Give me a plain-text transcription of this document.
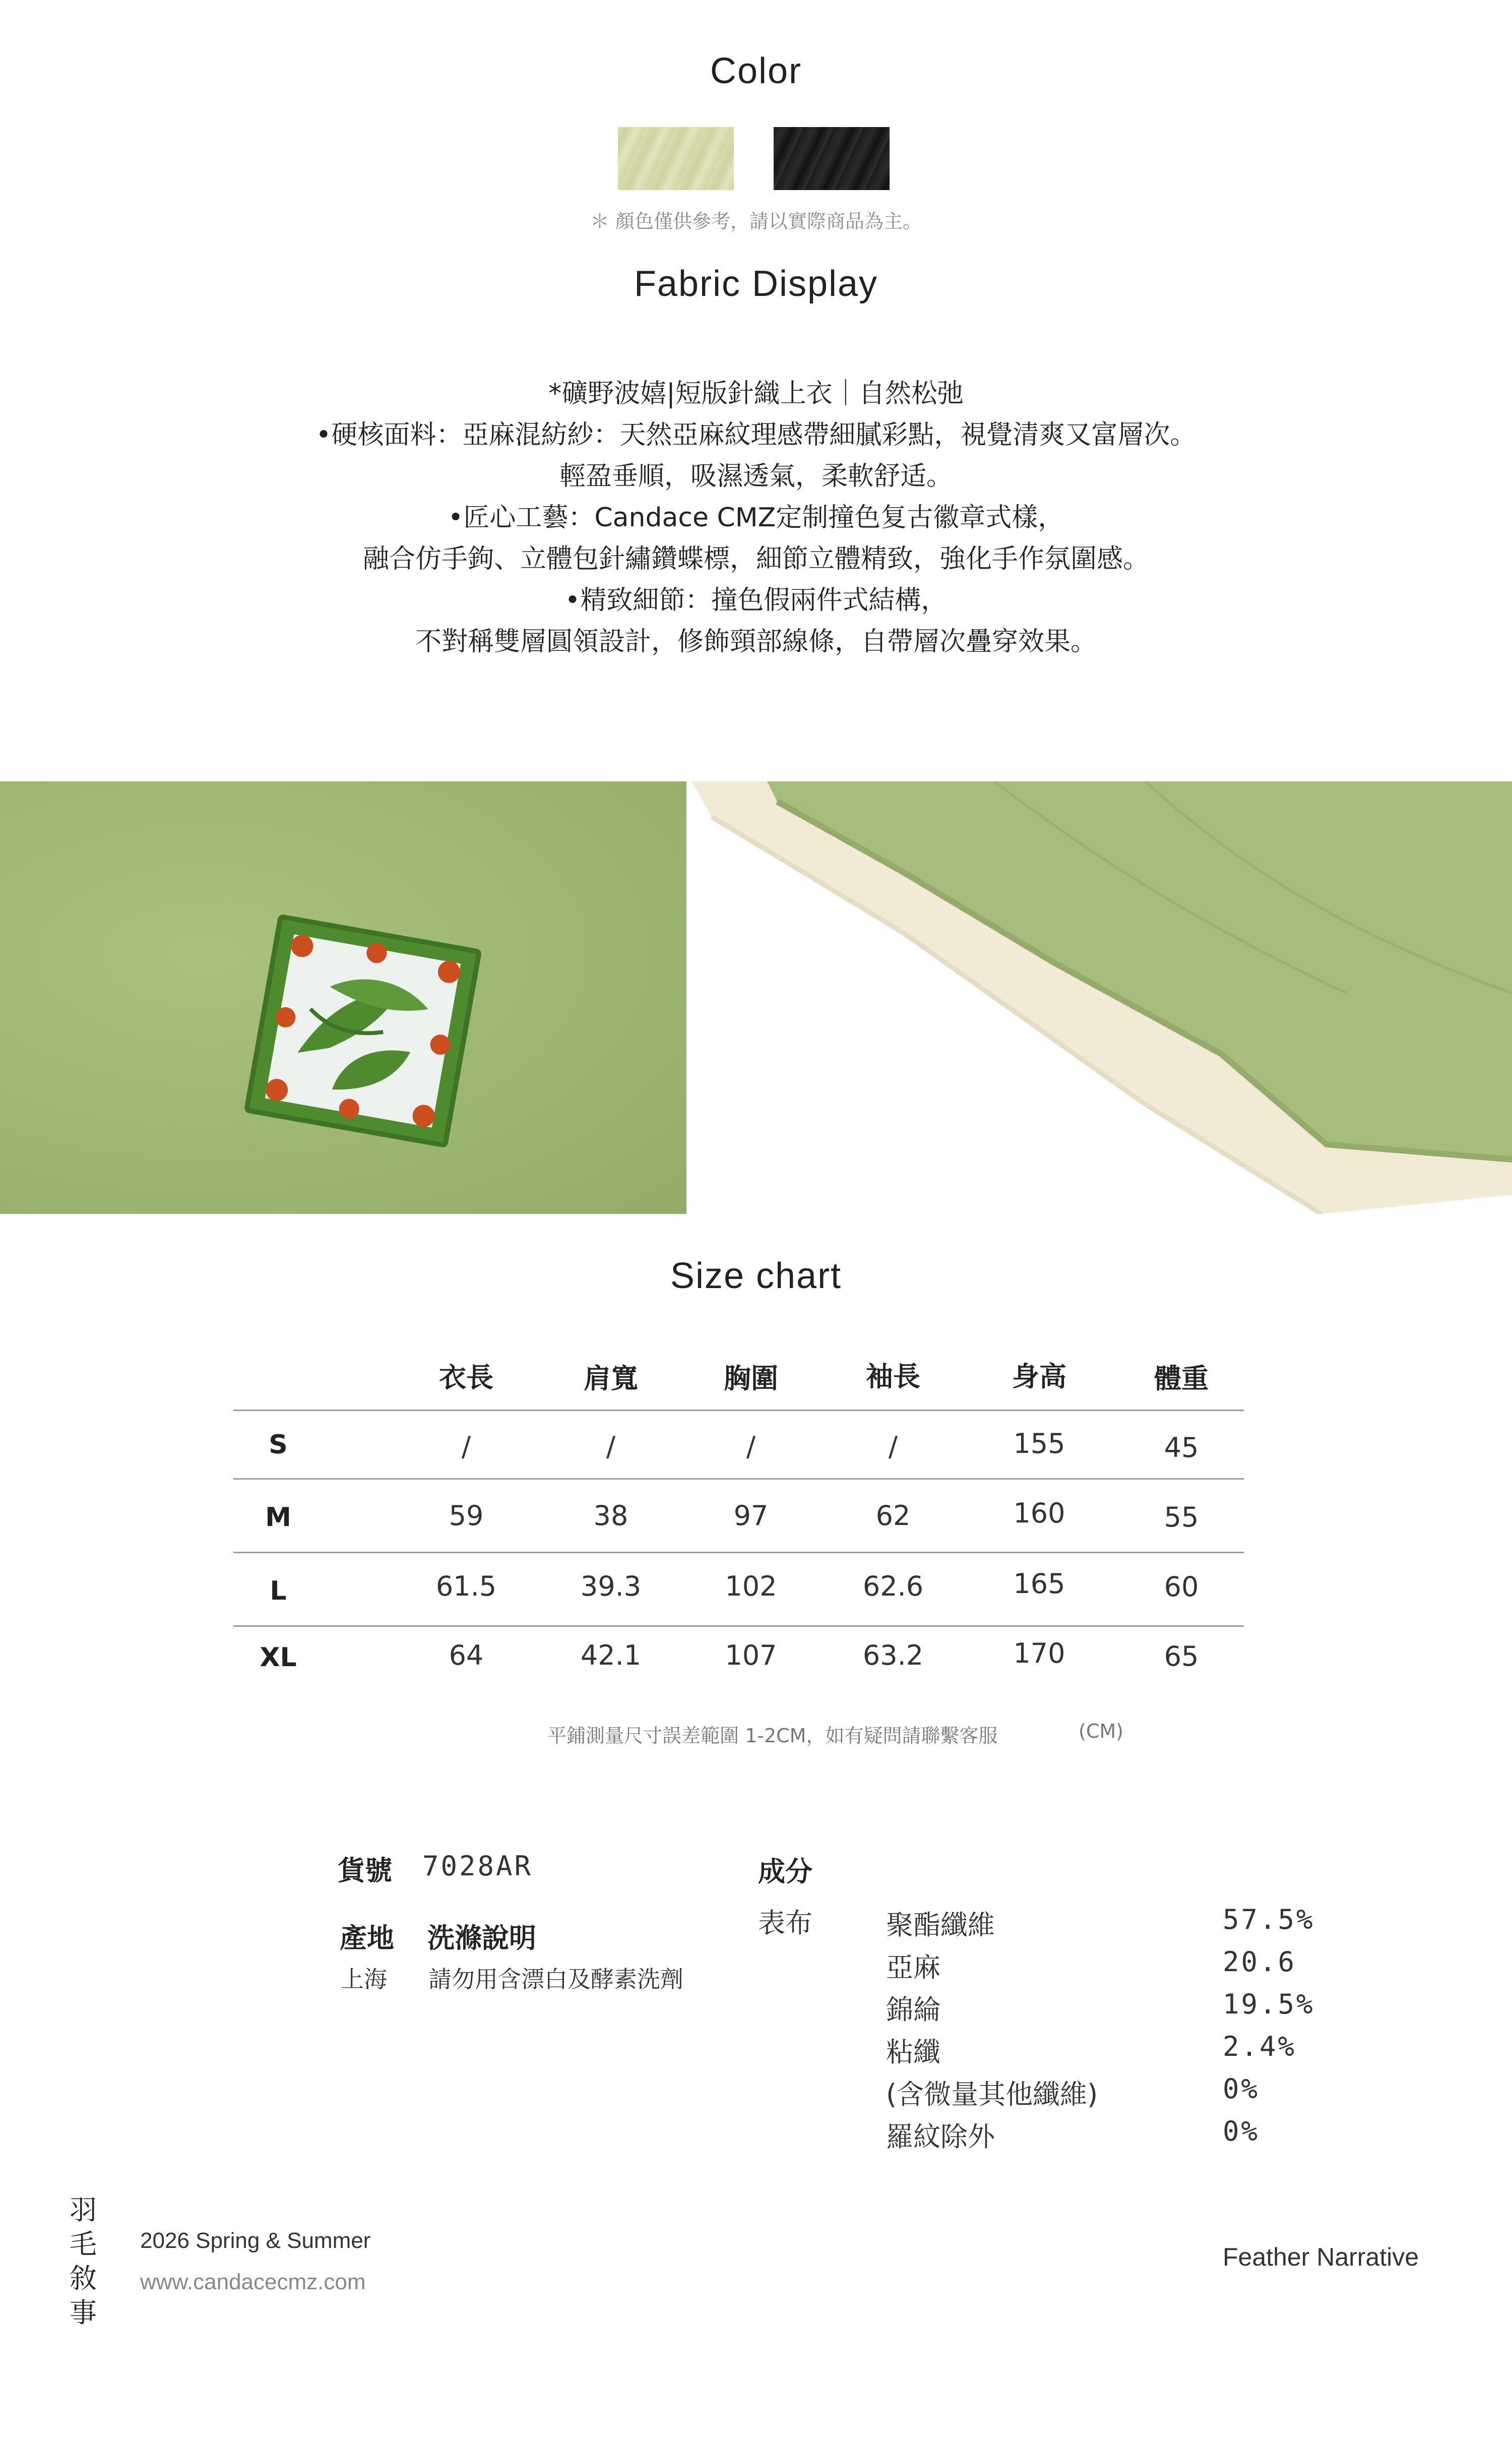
Color
＊ 顏色僅供參考，請以實際商品為主。
Fabric Display
*礦野波嬉|短版針織上衣｜自然松弛
•硬核面料：亞麻混紡紗：天然亞麻紋理感帶細膩彩點，視覺清爽又富層次。
輕盈垂順，吸濕透氣，柔軟舒适。
•匠心工藝：Candace CMZ定制撞色复古徽章式樣，
融合仿手鉤、立體包針繡鑽蝶標，細節立體精致，強化手作氛圍感。
•精致細節：撞色假兩件式結構，
不對稱雙層圓領設計，修飾頸部線條，自帶層次疊穿效果。
Size chart
衣長	肩寬	胸圍	袖長	身高	體重
S	/	/	/	/	155	45
M	59	38	97	62	160	55
L	61.5	39.3	102	62.6	165	60
XL	64	42.1	107	63.2	170	65
平鋪測量尺寸誤差範圍 1-2CM，如有疑問請聯繫客服	(CM)
貨號 7028AR
產地 洗滌說明
上海 請勿用含漂白及酵素洗劑
成分
表布	聚酯纖維	57.5%
亞麻	20.6
錦綸	19.5%
粘纖	2.4%
(含微量其他纖維)	0%
羅紋除外	0%
羽
毛
敘
事
2026 Spring & Summer
www.candacecmz.com
Feather Narrative
